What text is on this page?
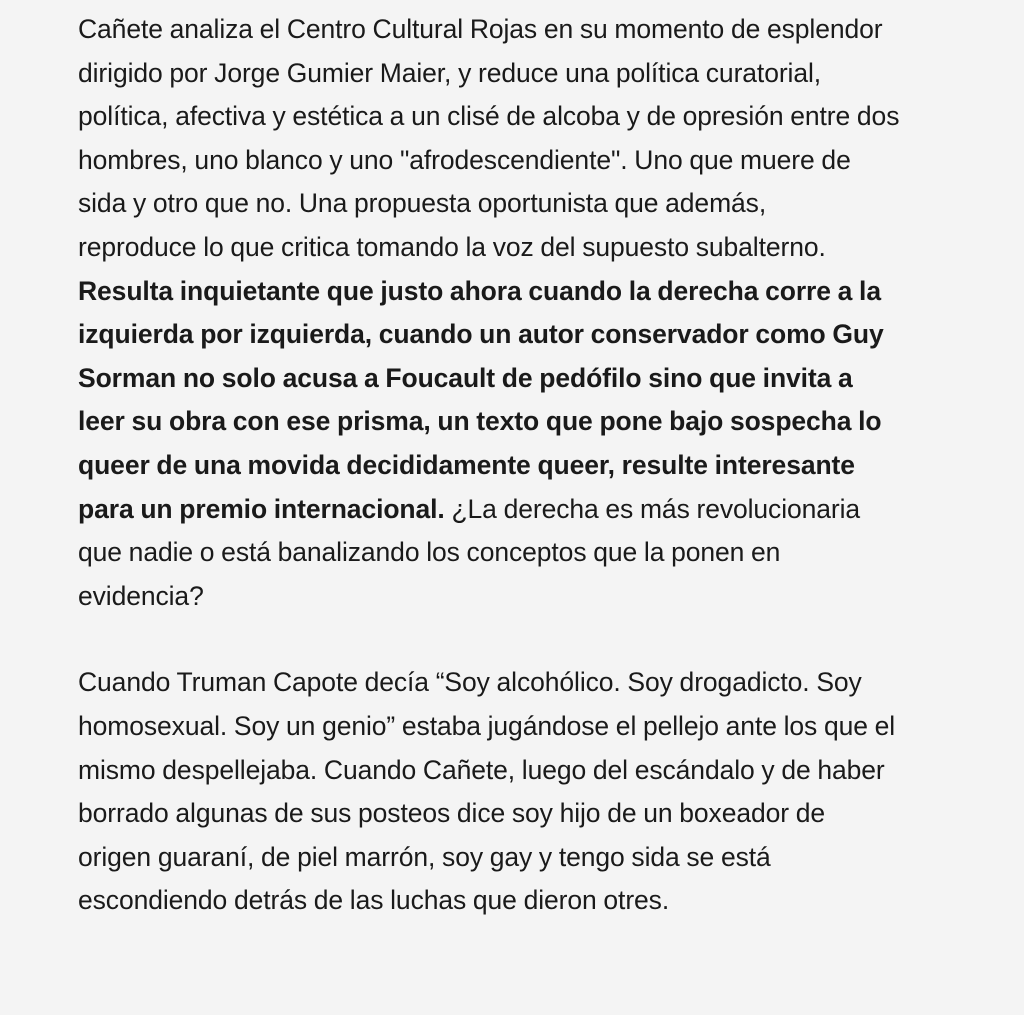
Cañete analiza el Centro Cultural Rojas en su momento de esplendor
dirigido por Jorge Gumier Maier, y reduce una política curatorial,
política, afectiva y estética a un clisé de alcoba y de opresión entre dos
hombres, uno blanco y uno "afrodescendiente". Uno que muere de
sida y otro que no. Una propuesta oportunista que además,
reproduce lo que critica tomando la voz del supuesto subalterno.
Resulta inquietante que justo ahora cuando la derecha corre a la
izquierda por izquierda, cuando un autor conservador como Guy
Sorman no solo acusa a Foucault de pedófilo sino que invita a
leer su obra con ese prisma, un texto que pone bajo sospecha lo
queer de una movida decididamente queer, resulte interesante
para un premio internacional. ¿La derecha es más revolucionaria
que nadie o está banalizando los conceptos que la ponen en
evidencia?

Cuando Truman Capote decía “Soy alcohólico. Soy drogadicto. Soy
homosexual. Soy un genio” estaba jugándose el pellejo ante los que el
mismo despellejaba. Cuando Cañete, luego del escándalo y de haber
borrado algunas de sus posteos dice soy hijo de un boxeador de
origen guaraní, de piel marrón, soy gay y tengo sida se está
escondiendo detrás de las luchas que dieron otres.
